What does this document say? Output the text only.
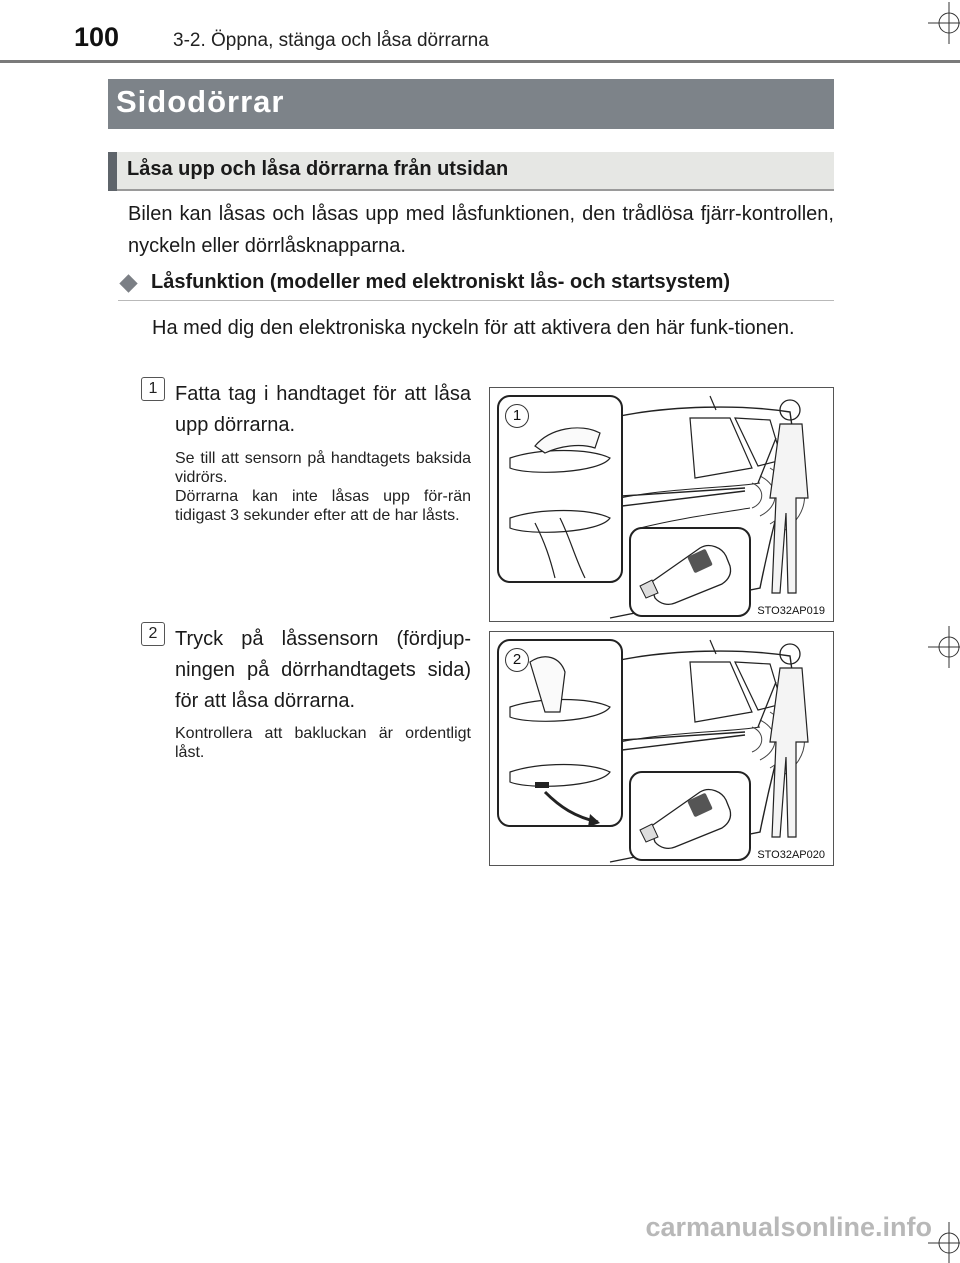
100	3-2. Öppna, stänga och låsa dörrarna
Sidodörrar
Låsa upp och låsa dörrarna från utsidan
Bilen kan låsas och låsas upp med låsfunktionen, den trådlösa fjärr-kontrollen, nyckeln eller dörrlåsknapparna.
Låsfunktion (modeller med elektroniskt lås- och startsystem)
Ha med dig den elektroniska nyckeln för att aktivera den här funk-tionen.
1 Fatta tag i handtaget för att låsa upp dörrarna.
Se till att sensorn på handtagets baksida vidrörs.
Dörrarna kan inte låsas upp för-rän tidigast 3 sekunder efter att de har låsts.
1
STO32AP019
2 Tryck på låssensorn (fördjup-ningen på dörrhandtagets sida) för att låsa dörrarna.
Kontrollera att bakluckan är ordentligt låst.
2
STO32AP020
carmanualsonline.info
